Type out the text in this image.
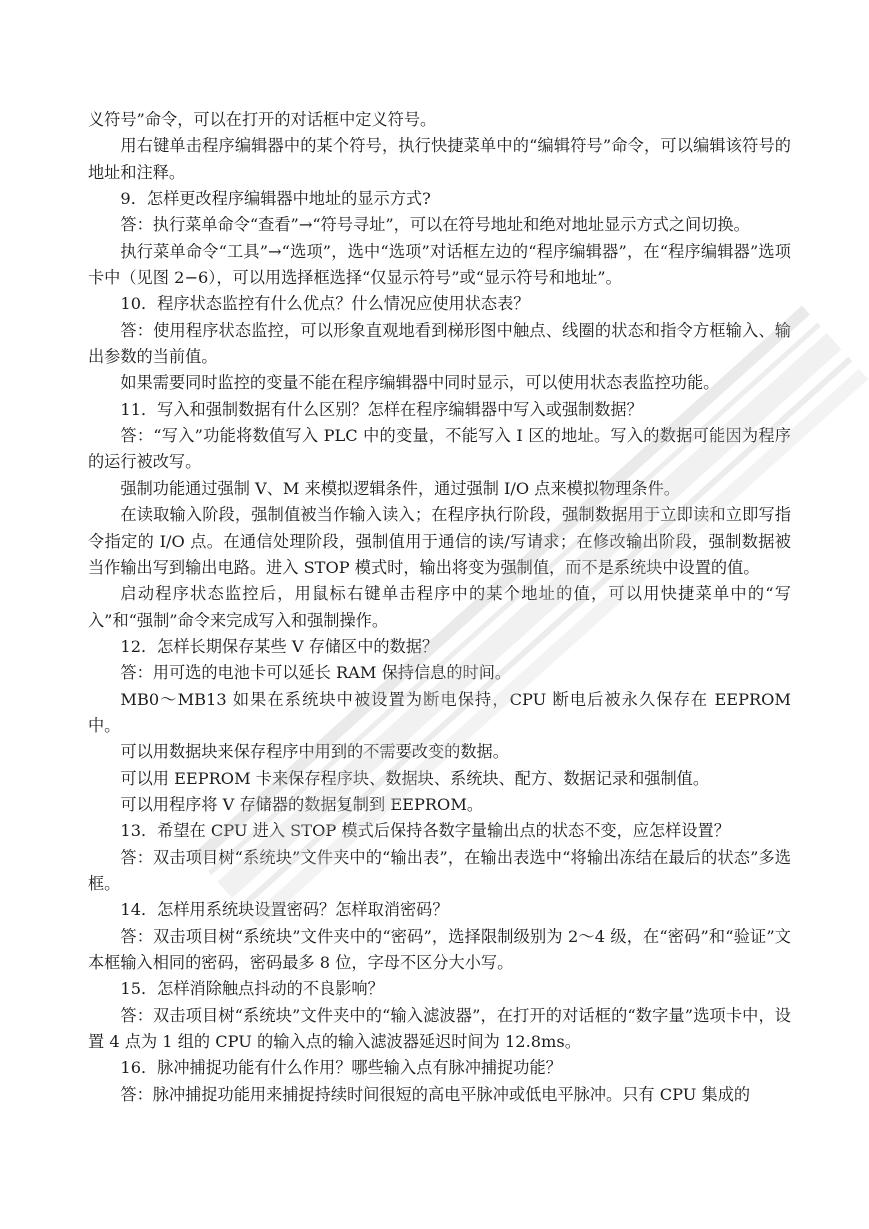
义符号”命令，可以在打开的对话框中定义符号。

用右键单击程序编辑器中的某个符号，执行快捷菜单中的“编辑符号”命令，可以编辑该符号的地址和注释。

9．怎样更改程序编辑器中地址的显示方式?

答：执行菜单命令“查看”→“符号寻址”，可以在符号地址和绝对地址显示方式之间切换。

执行菜单命令“工具”→“选项”，选中“选项”对话框左边的“程序编辑器”，在“程序编辑器”选项卡中（见图 2−6），可以用选择框选择“仅显示符号”或“显示符号和地址”。

10．程序状态监控有什么优点？什么情况应使用状态表？

答：使用程序状态监控，可以形象直观地看到梯形图中触点、线圈的状态和指令方框输入、输出参数的当前值。

如果需要同时监控的变量不能在程序编辑器中同时显示，可以使用状态表监控功能。

11．写入和强制数据有什么区别？怎样在程序编辑器中写入或强制数据？

答：“写入”功能将数值写入 PLC 中的变量，不能写入 I 区的地址。写入的数据可能因为程序的运行被改写。

强制功能通过强制 V、M 来模拟逻辑条件，通过强制 I/O 点来模拟物理条件。

在读取输入阶段，强制值被当作输入读入；在程序执行阶段，强制数据用于立即读和立即写指令指定的 I/O 点。在通信处理阶段，强制值用于通信的读/写请求；在修改输出阶段，强制数据被当作输出写到输出电路。进入 STOP 模式时，输出将变为强制值，而不是系统块中设置的值。

启动程序状态监控后，用鼠标右键单击程序中的某个地址的值，可以用快捷菜单中的“写入”和“强制”命令来完成写入和强制操作。

12．怎样长期保存某些 V 存储区中的数据？

答：用可选的电池卡可以延长 RAM 保持信息的时间。

MB0～MB13 如果在系统块中被设置为断电保持，CPU 断电后被永久保存在 EEPROM 中。

可以用数据块来保存程序中用到的不需要改变的数据。

可以用 EEPROM 卡来保存程序块、数据块、系统块、配方、数据记录和强制值。

可以用程序将 V 存储器的数据复制到 EEPROM。

13．希望在 CPU 进入 STOP 模式后保持各数字量输出点的状态不变，应怎样设置？

答：双击项目树“系统块”文件夹中的“输出表”，在输出表选中“将输出冻结在最后的状态”多选框。

14．怎样用系统块设置密码？怎样取消密码？

答：双击项目树“系统块”文件夹中的“密码”，选择限制级别为 2～4 级，在“密码”和“验证”文本框输入相同的密码，密码最多 8 位，字母不区分大小写。

15．怎样消除触点抖动的不良影响？

答：双击项目树“系统块”文件夹中的“输入滤波器”，在打开的对话框的“数字量”选项卡中，设置 4 点为 1 组的 CPU 的输入点的输入滤波器延迟时间为 12.8ms。

16．脉冲捕捉功能有什么作用？哪些输入点有脉冲捕捉功能？

答：脉冲捕捉功能用来捕捉持续时间很短的高电平脉冲或低电平脉冲。只有 CPU 集成的
